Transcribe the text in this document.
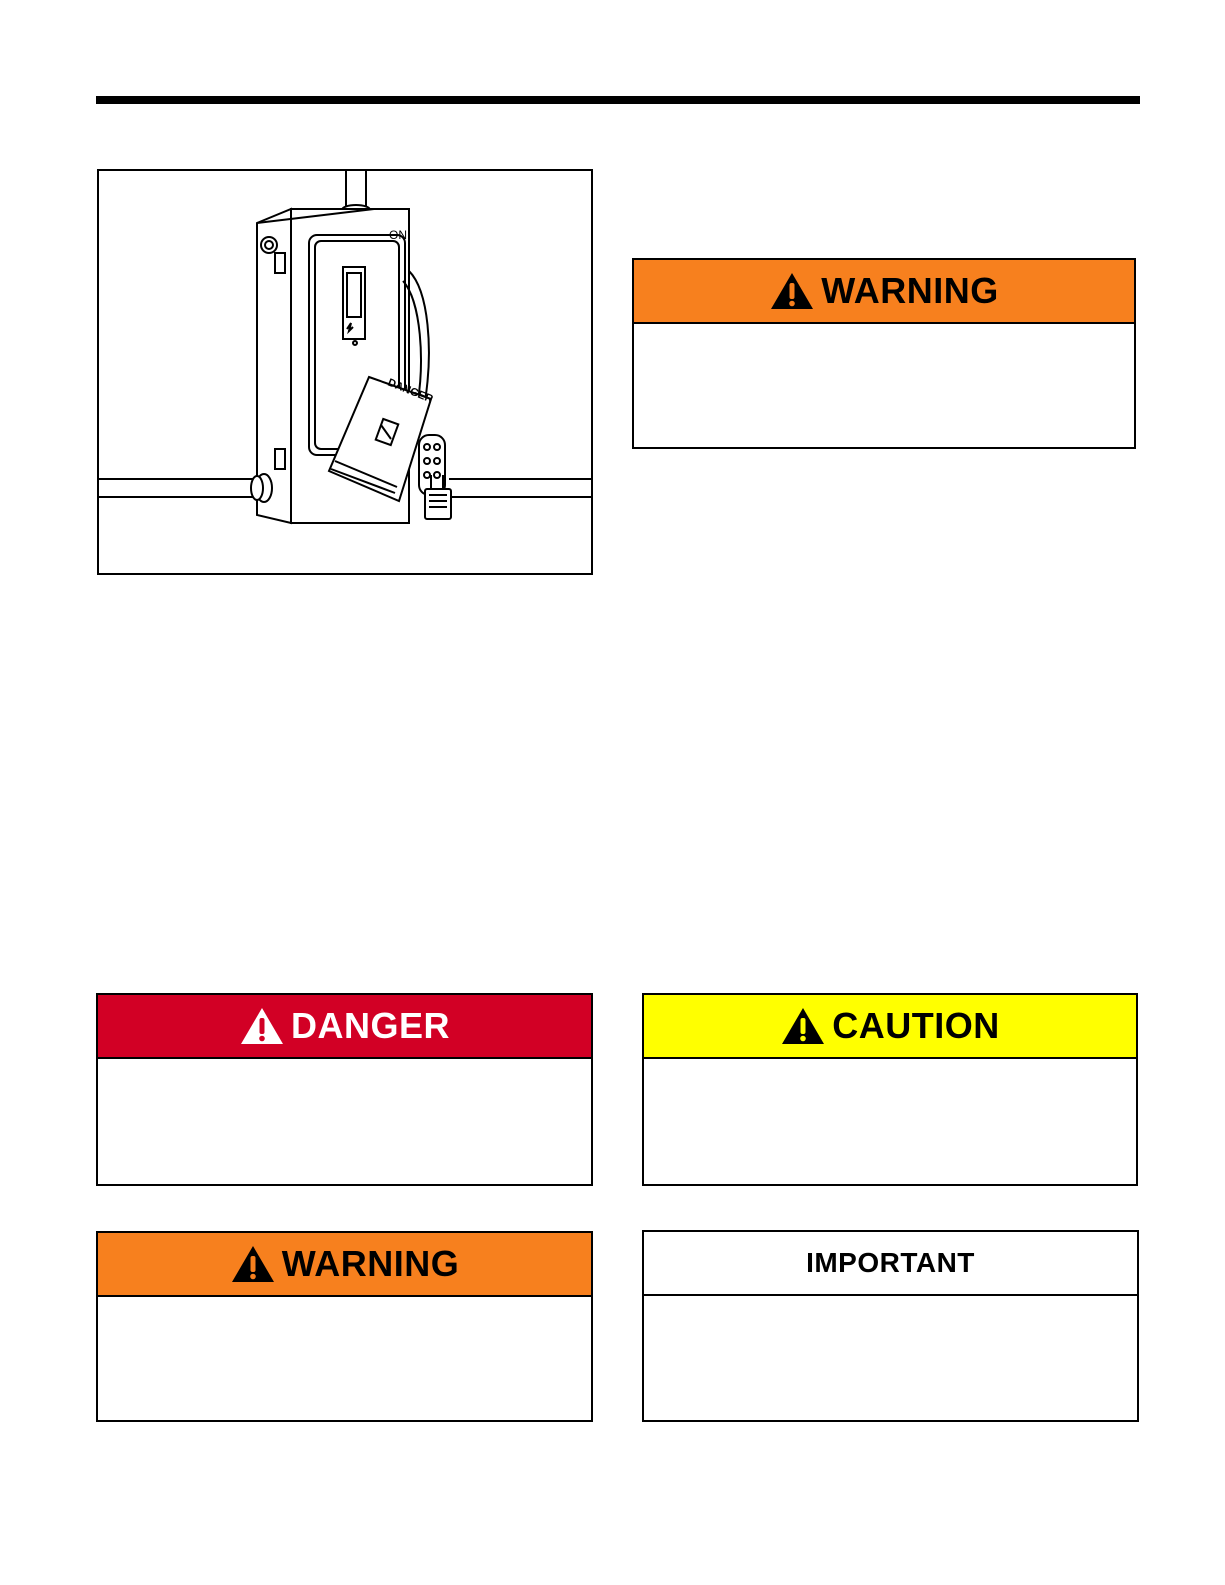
ON
DANGER
WARNING
DANGER	CAUTION
WARNING	IMPORTANT
